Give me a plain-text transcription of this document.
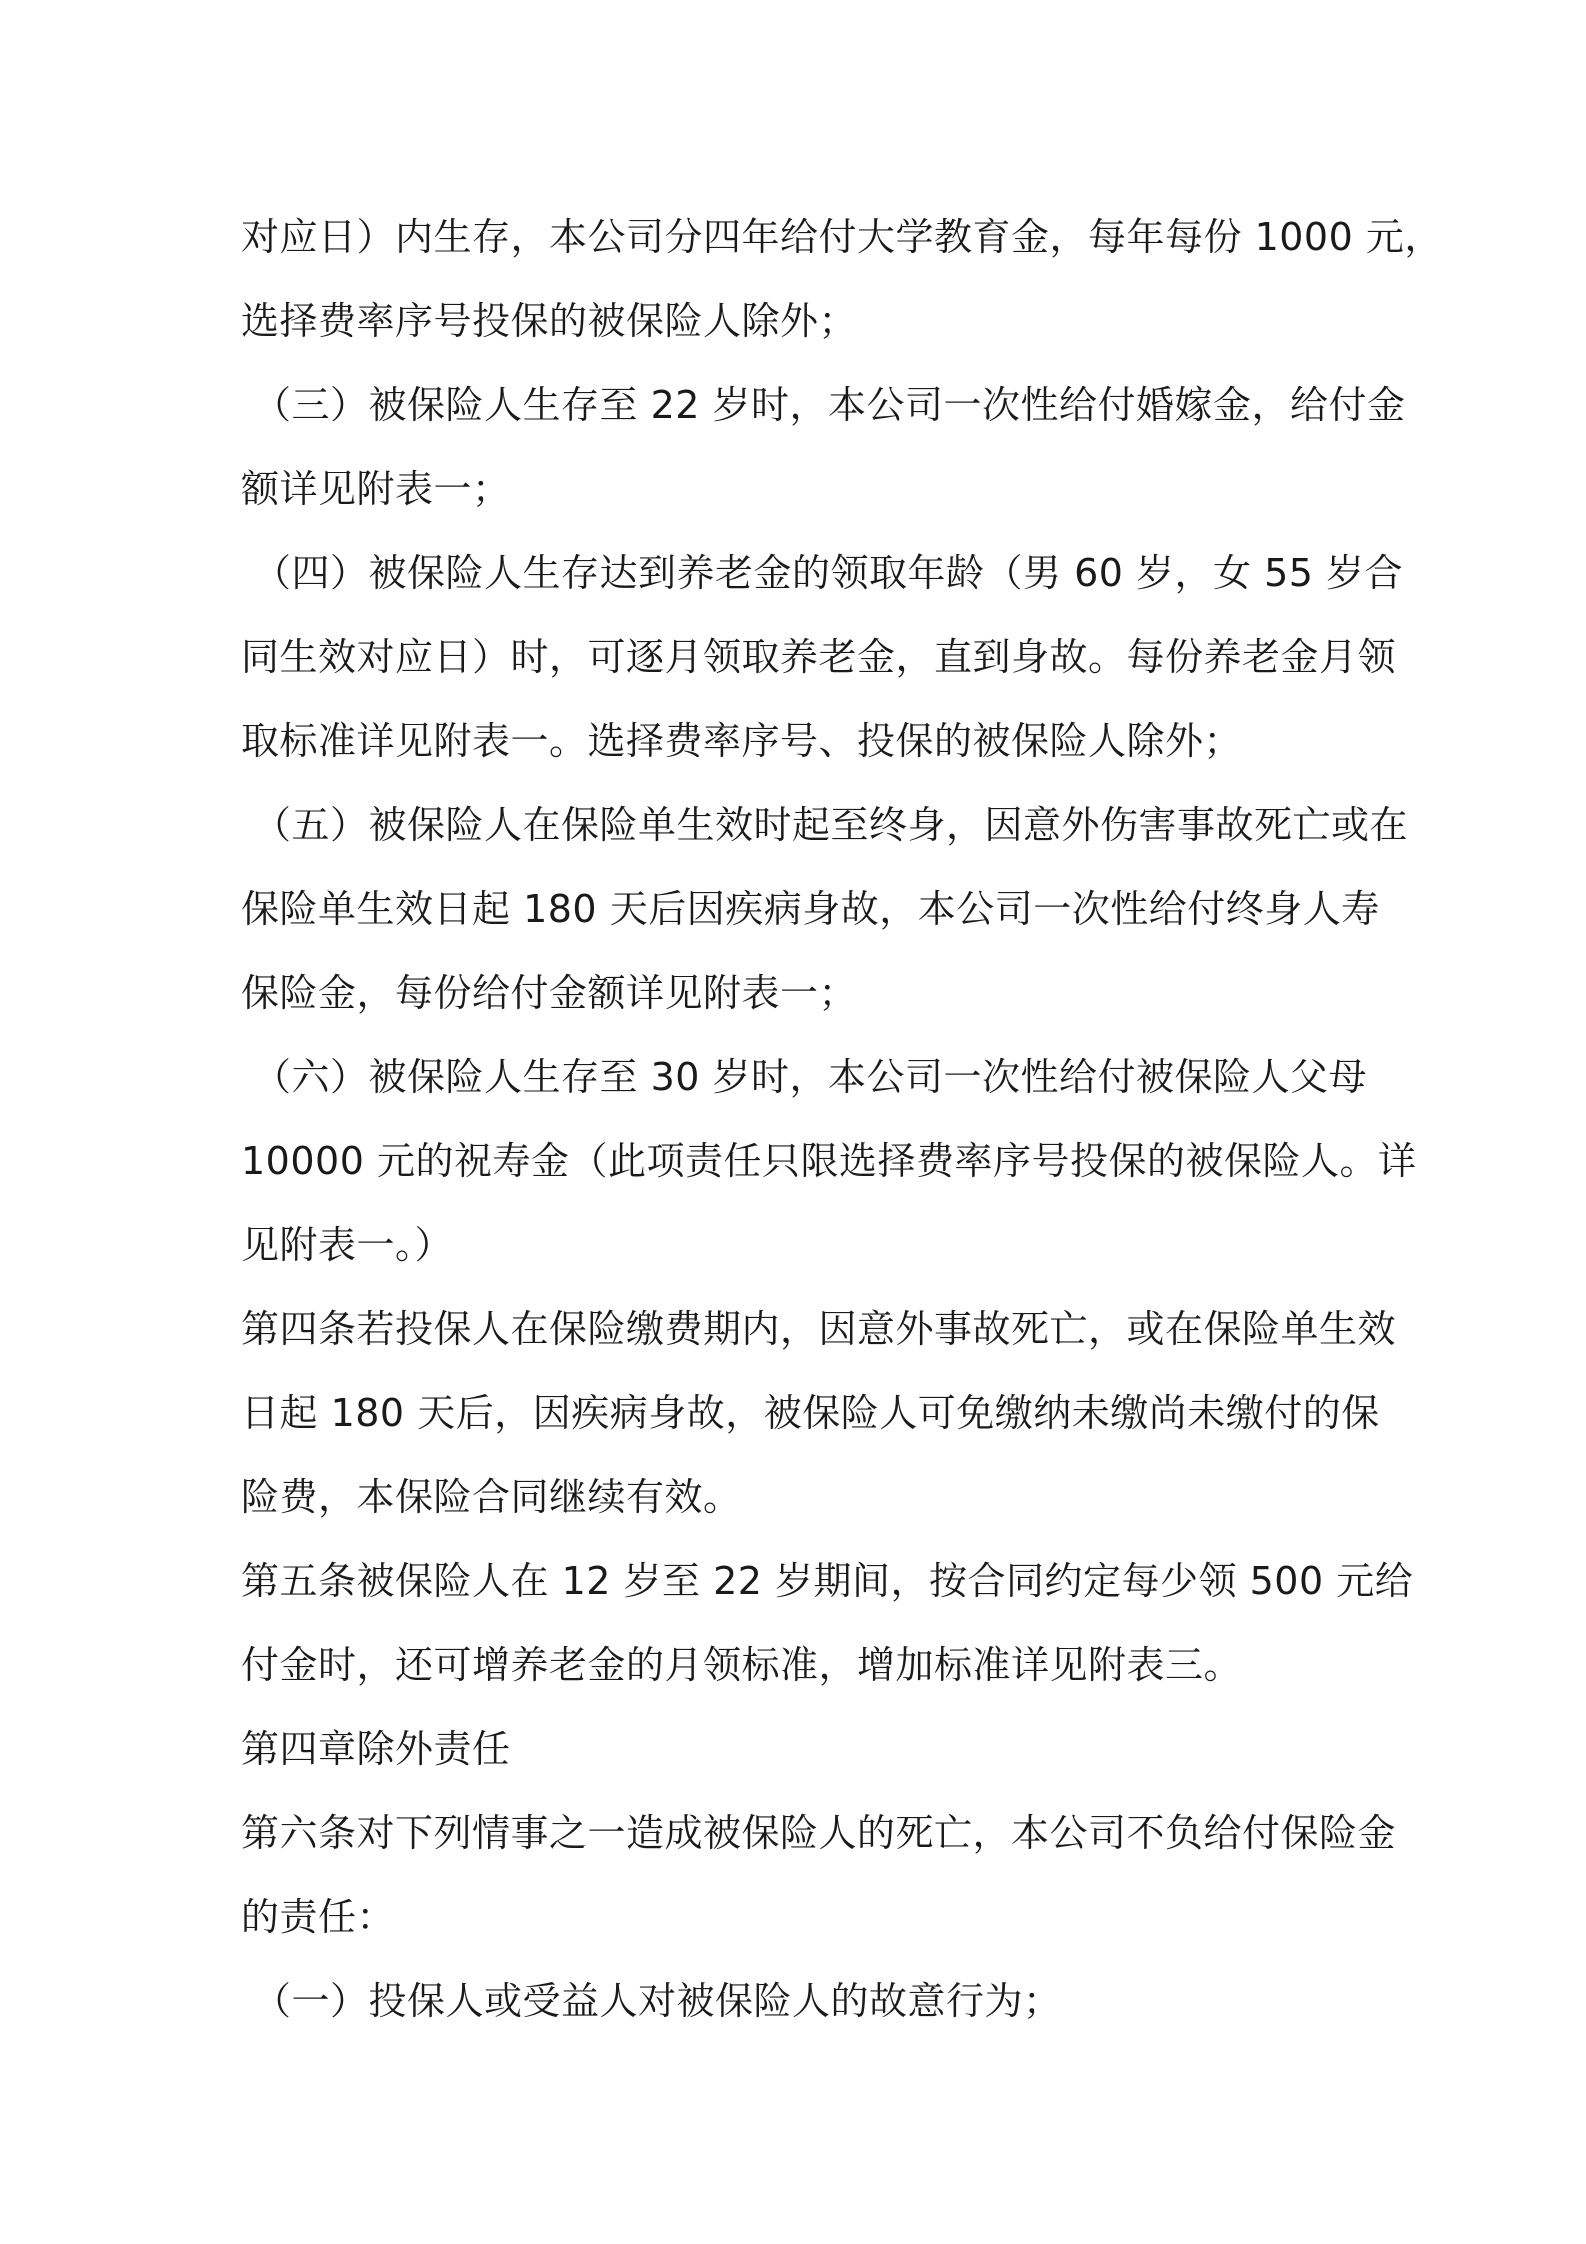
对应日）内生存，本公司分四年给付大学教育金，每年每份 1000 元，
选择费率序号投保的被保险人除外；
（三）被保险人生存至 22 岁时，本公司一次性给付婚嫁金，给付金
额详见附表一；
（四）被保险人生存达到养老金的领取年龄（男 60 岁，女 55 岁合
同生效对应日）时，可逐月领取养老金，直到身故。每份养老金月领
取标准详见附表一。选择费率序号、投保的被保险人除外；
（五）被保险人在保险单生效时起至终身，因意外伤害事故死亡或在
保险单生效日起 180 天后因疾病身故，本公司一次性给付终身人寿
保险金，每份给付金额详见附表一；
（六）被保险人生存至 30 岁时，本公司一次性给付被保险人父母
10000 元的祝寿金（此项责任只限选择费率序号投保的被保险人。详
见附表一。）
第四条若投保人在保险缴费期内，因意外事故死亡，或在保险单生效
日起 180 天后，因疾病身故，被保险人可免缴纳未缴尚未缴付的保
险费，本保险合同继续有效。
第五条被保险人在 12 岁至 22 岁期间，按合同约定每少领 500 元给
付金时，还可增养老金的月领标准，增加标准详见附表三。
第四章除外责任
第六条对下列情事之一造成被保险人的死亡，本公司不负给付保险金
的责任：
（一）投保人或受益人对被保险人的故意行为；
